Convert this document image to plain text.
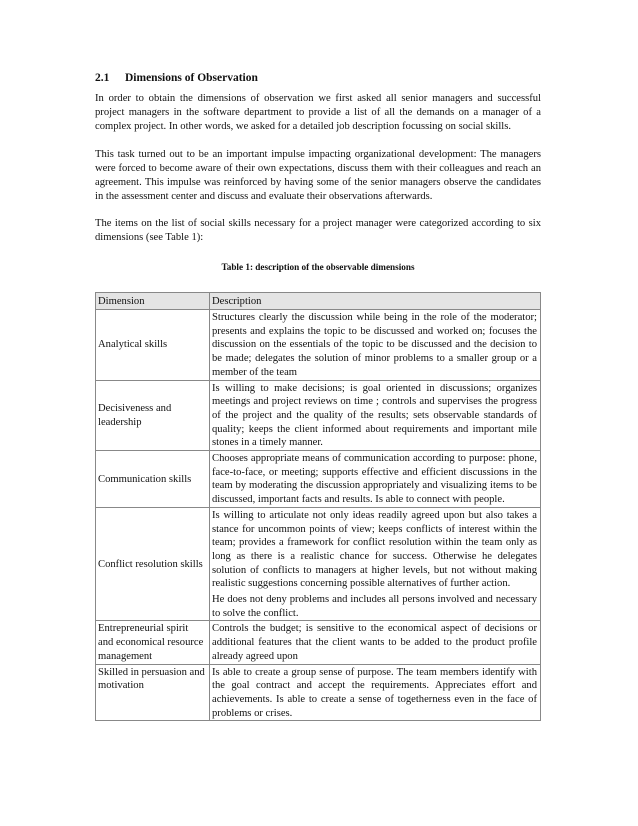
2.1 Dimensions of Observation

In order to obtain the dimensions of observation we first asked all senior managers and successful project managers in the software department to provide a list of all the demands on a manager of a complex project. In other words, we asked for a detailed job description focussing on social skills.

This task turned out to be an important impulse impacting organizational development: The managers were forced to become aware of their own expectations, discuss them with their colleagues and reach an agreement. This impulse was reinforced by having some of the senior managers observe the candidates in the assessment center and discuss and evaluate their observations afterwards.

The items on the list of social skills necessary for a project manager were categorized according to six dimensions (see Table 1):

Table 1: description of the observable dimensions
Dimension	Description
Analytical skills	Structures clearly the discussion while being in the role of the moderator; presents and explains the topic to be discussed and worked on; focuses the discussion on the essentials of the topic to be discussed and the decision to be made; delegates the solution of minor problems to a smaller group or a member of the team

Decisiveness and leadership	Is willing to make decisions; is goal oriented in discussions; organizes meetings and project reviews on time ; controls and supervises the progress of the project and the quality of the results; sets observable standards of quality; keeps the client informed about requirements and important mile stones in a timely manner.

Communication skills	Chooses appropriate means of communication according to purpose: phone, face-to-face, or meeting; supports effective and efficient discussions in the team by moderating the discussion appropriately and visualizing items to be discussed, important facts and results. Is able to connect with people.

Conflict resolution skills	Is willing to articulate not only ideas readily agreed upon but also takes a stance for uncommon points of view; keeps conflicts of interest within the team; provides a framework for conflict resolution within the team only as long as there is a realistic chance for success. Otherwise he delegates solution of conflicts to managers at higher levels, but not without making realistic suggestions concerning possible alternatives of further action.

He does not deny problems and includes all persons involved and necessary to solve the conflict.

Entrepreneurial spirit and economical resource management	Controls the budget; is sensitive to the economical aspect of decisions or additional features that the client wants to be added to the product profile already agreed upon

Skilled in persuasion and motivation	Is able to create a group sense of purpose. The team members identify with the goal contract and accept the requirements. Appreciates effort and achievements. Is able to create a sense of togetherness even in the face of problems or crises.
